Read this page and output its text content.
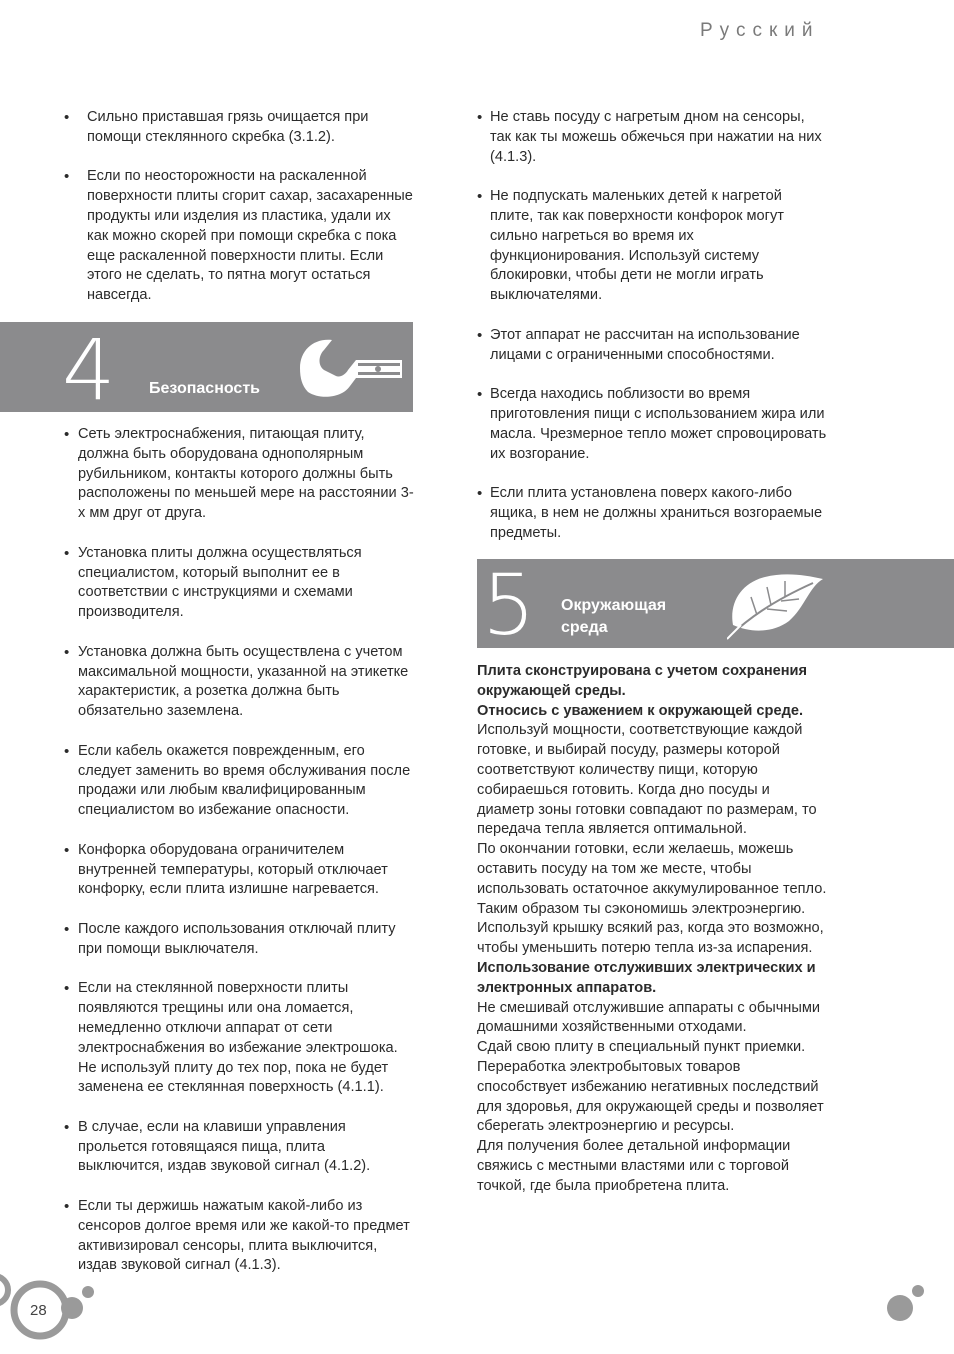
Русский
• Сильно приставшая грязь очищается при помощи стеклянного скребка (3.1.2).
• Если по неосторожности на раскаленной поверхности плиты сгорит сахар, засахаренные продукты или изделия из пластика, удали их как можно скорей при помощи скребка с пока еще раскаленной поверхности плиты. Если этого не сделать, то пятна могут остаться навсегда.
4 Безопасность
• Сеть электроснабжения, питающая плиту, должна быть оборудована однополярным рубильником, контакты которого должны быть расположены по меньшей мере на расстоянии 3-х мм друг от друга.
• Установка плиты должна осуществляться специалистом, который выполнит ее в соответствии с инструкциями и схемами производителя.
• Установка должна быть осуществлена с учетом максимальной мощности, указанной на этикетке характеристик, а розетка должна быть обязательно заземлена.
• Если кабель окажется поврежденным, его следует заменить во время обслуживания после продажи или любым квалифицированным специалистом во избежание опасности.
• Конфорка оборудована ограничителем внутренней температуры, который отключает конфорку, если плита излишне нагревается.
• После каждого использования отключай плиту при помощи выключателя.
• Если на стеклянной поверхности плиты появляются трещины или она ломается, немедленно отключи аппарат от сети электроснабжения во избежание электрошока. Не используй плиту до тех пор, пока не будет заменена ее стеклянная поверхность (4.1.1).
• В случае, если на клавиши управления прольется готовящаяся пища, плита выключится, издав звуковой сигнал (4.1.2).
• Если ты держишь нажатым какой-либо из сенсоров долгое время или же какой-то предмет активизировал сенсоры, плита выключится, издав звуковой сигнал (4.1.3).
• Не ставь посуду с нагретым дном на сенсоры, так как ты можешь обжечься при нажатии на них (4.1.3).
• Не подпускать маленьких детей к нагретой плите, так как поверхности конфорок могут сильно нагреться во время их функционирования. Используй систему блокировки, чтобы дети не могли играть выключателями.
• Этот аппарат не рассчитан на использование лицами с ограниченными способностями.
• Всегда находись поблизости во время приготовления пищи с использованием жира или масла. Чрезмерное тепло может спровоцировать их возгорание.
• Если плита установлена поверх какого-либо ящика, в нем не должны храниться возгораемые предметы.
5 Окружающая среда

Плита сконструирована с учетом сохранения окружающей среды.

Относись с уважением к окружающей среде.

Используй мощности, соответствующие каждой готовке, и выбирай посуду, размеры которой соответствуют количеству пищи, которую собираешься готовить. Когда дно посуды и диаметр зоны готовки совпадают по размерам, то передача тепла является оптимальной.

По окончании готовки, если желаешь, можешь оставить посуду на том же месте, чтобы использовать остаточное аккумулированное тепло. Таким образом ты сэкономишь электроэнергию.

Используй крышку всякий раз, когда это возможно, чтобы уменьшить потерю тепла из-за испарения.

Использование отслуживших электрических и электронных аппаратов.

Не смешивай отслужившие аппараты с обычными домашними хозяйственными отходами.

Сдай свою плиту в специальный пункт приемки. Переработка электробытовых товаров способствует избежанию негативных последствий для здоровья, для окружающей среды и позволяет сберегать электроэнергию и ресурсы.

Для получения более детальной информации свяжись с местными властями или с торговой точкой, где была приобретена плита.

28
